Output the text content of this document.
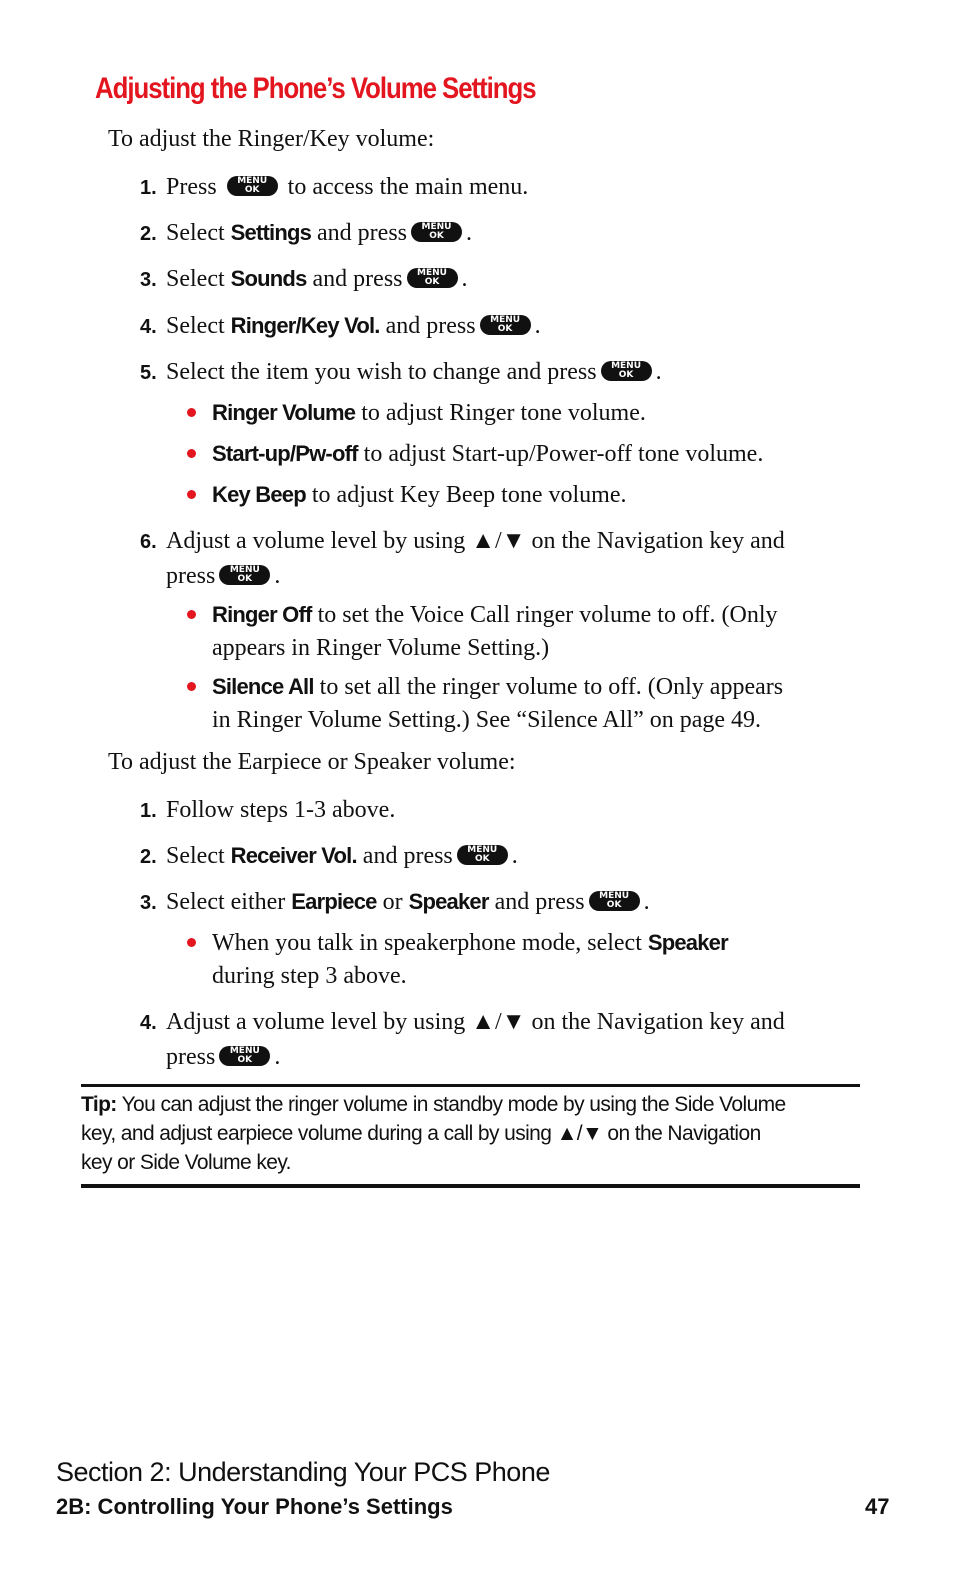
Adjusting the Phone’s Volume Settings
To adjust the Ringer/Key volume:
1. Press	MENU
OK	to access the main menu.
2. Select Settings and press	MENU
OK .
3. Select Sounds and press	MENU
OK .
4. Select Ringer/Key Vol. and press	MENU
OK .
5. Select the item you wish to change and press	MENU
OK .
Ringer Volume to adjust Ringer tone volume.
Start-up/Pw-off to adjust Start-up/Power-off tone volume.
Key Beep to adjust Key Beep tone volume.
6. Adjust a volume level by using ▲/▼ on the Navigation key and
press	MENU
OK .
Ringer Off to set the Voice Call ringer volume to off. (Only
appears in Ringer Volume Setting.)
Silence All to set all the ringer volume to off. (Only appears
in Ringer Volume Setting.) See “Silence All” on page 49.
To adjust the Earpiece or Speaker volume:
1. Follow steps 1-3 above.
2. Select Receiver Vol. and press	MENU
OK .
3. Select either Earpiece or Speaker and press	MENU
OK .
When you talk in speakerphone mode, select Speaker
during step 3 above.
4. Adjust a volume level by using ▲/▼ on the Navigation key and
press	MENU
OK .
Tip: You can adjust the ringer volume in standby mode by using the Side Volume
key, and adjust earpiece volume during a call by using ▲/▼ on the Navigation
key or Side Volume key.
Section 2: Understanding Your PCS Phone
2B: Controlling Your Phone’s Settings	47
